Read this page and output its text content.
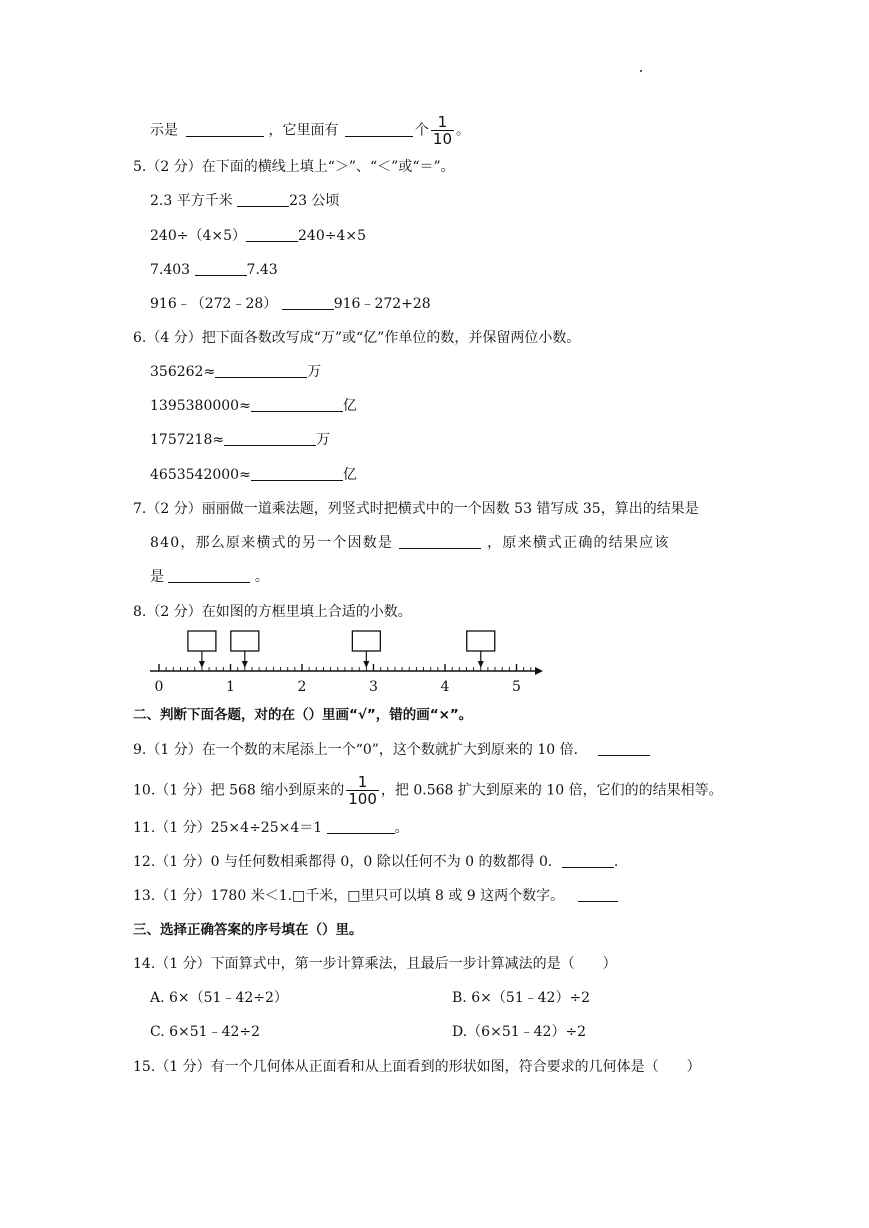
示是	，它里面有	个 $\frac{1}{10}$ 。
5.（2 分）在下面的横线上填上“＞”、“＜”或“＝”。
2.3 平方千米	23 公顷
240÷（4×5）	240÷4×5
7.403	7.43
916﹣（272﹣28）	916﹣272+28
6.（4 分）把下面各数改写成“万”或“亿”作单位的数，并保留两位小数。
356262≈	万
1395380000≈	亿
1757218≈	万
4653542000≈	亿
7.（2 分）丽丽做一道乘法题，列竖式时把横式中的一个因数 53 错写成 35，算出的结果是
840，那么原来横式的另一个因数是	，原来横式正确的结果应该
是	。
8.（2 分）在如图的方框里填上合适的小数。
0	1	2	3	4	5
二、判断下面各题，对的在（）里画“√”，错的画“×”。
9.（1 分）在一个数的末尾添上一个“0”，这个数就扩大到原来的 10 倍．
10.（1 分）把 568 缩小到原来的 $\frac{1}{100}$ ，把 0.568 扩大到原来的 10 倍，它们的的结果相等。
11.（1 分）25×4÷25×4＝1	。
12.（1 分）0 与任何数相乘都得 0，0 除以任何不为 0 的数都得 0．	.
13.（1 分）1780 米＜1.□千米，□里只可以填 8 或 9 这两个数字。
三、选择正确答案的序号填在（）里。
14.（1 分）下面算式中，第一步计算乘法，且最后一步计算减法的是（　　）
A. 6×（51﹣42÷2）	B. 6×（51﹣42）÷2
C. 6×51﹣42÷2	D.（6×51﹣42）÷2
15.（1 分）有一个几何体从正面看和从上面看到的形状如图，符合要求的几何体是（　　）
